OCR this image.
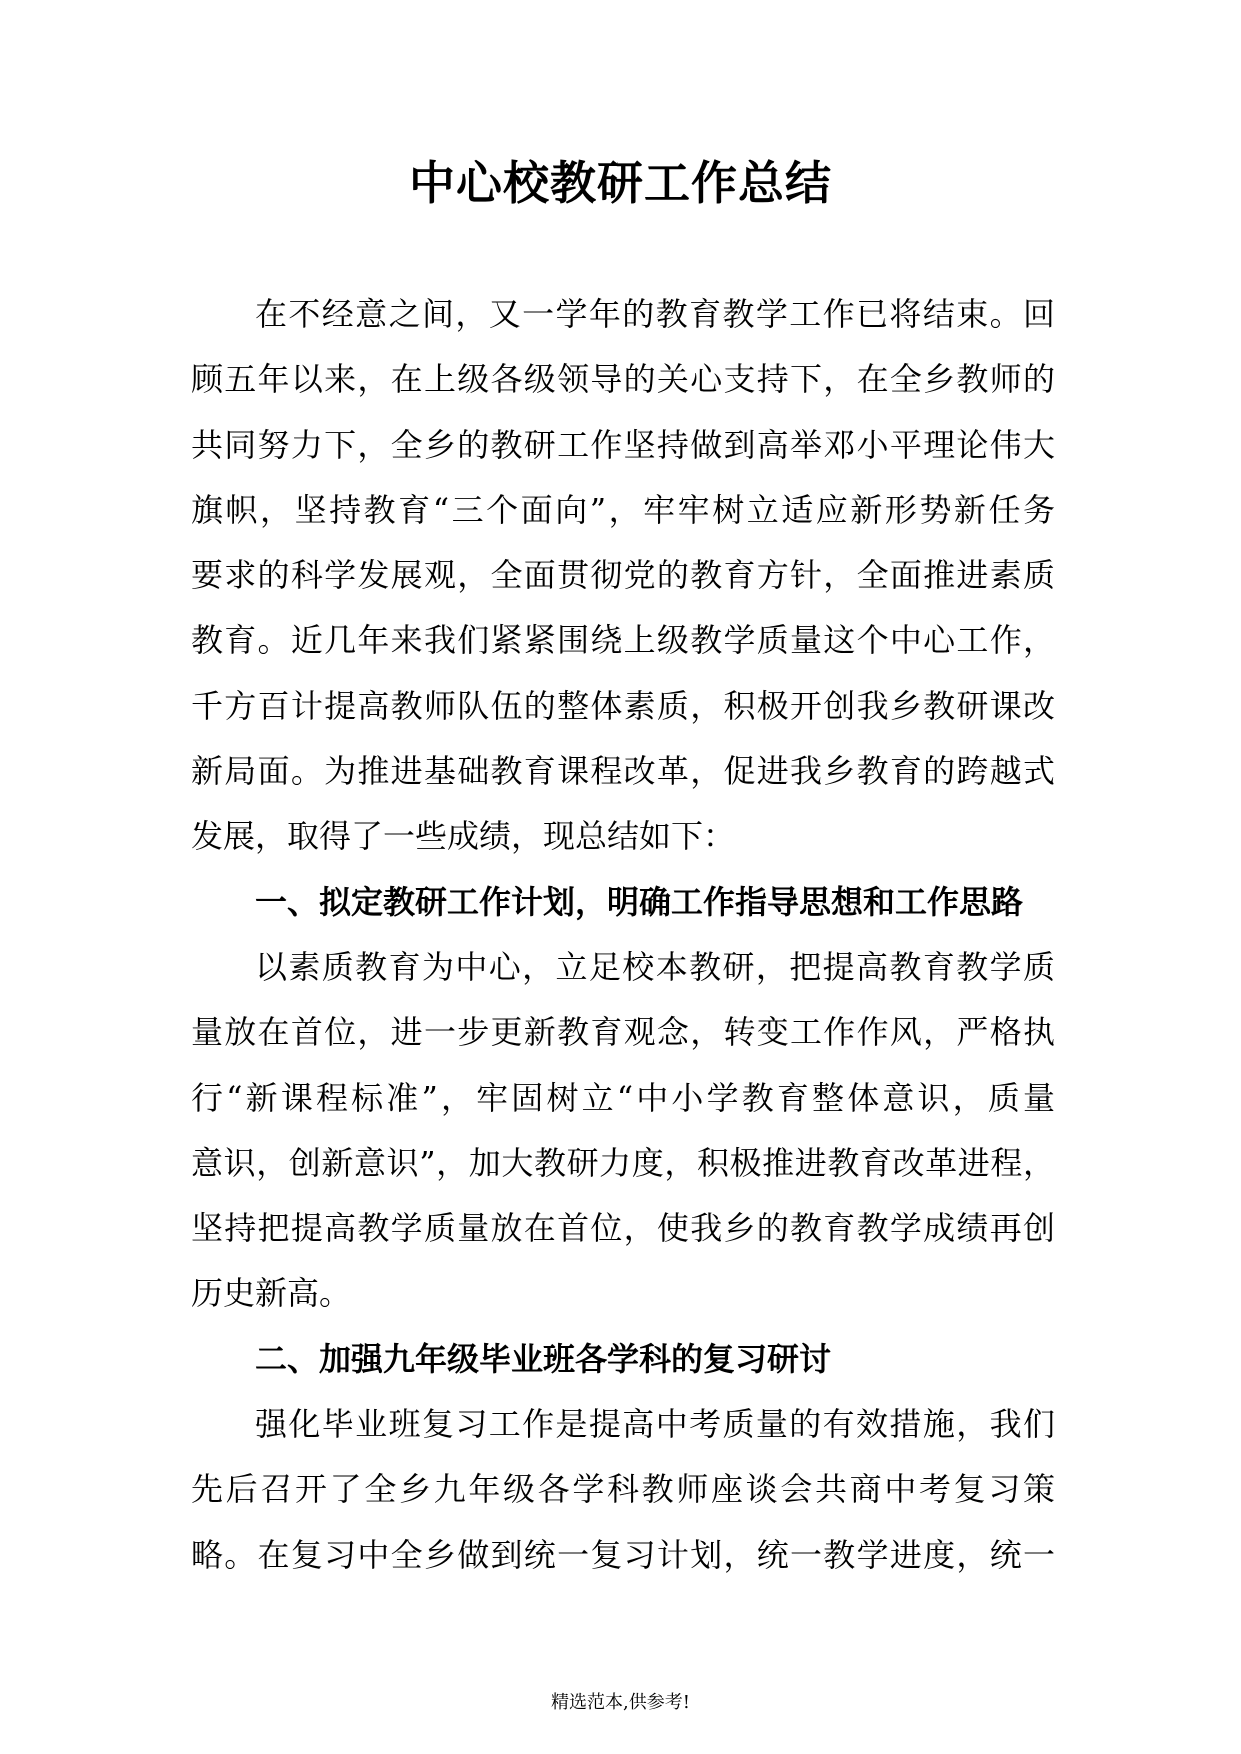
中心校教研工作总结
在不经意之间，又一学年的教育教学工作已将结束。回
顾五年以来，在上级各级领导的关心支持下，在全乡教师的
共同努力下，全乡的教研工作坚持做到高举邓小平理论伟大
旗帜，坚持教育“三个面向”，牢牢树立适应新形势新任务
要求的科学发展观，全面贯彻党的教育方针，全面推进素质
教育。近几年来我们紧紧围绕上级教学质量这个中心工作，
千方百计提高教师队伍的整体素质，积极开创我乡教研课改
新局面。为推进基础教育课程改革，促进我乡教育的跨越式
发展，取得了一些成绩，现总结如下：
一、拟定教研工作计划，明确工作指导思想和工作思路
以素质教育为中心，立足校本教研，把提高教育教学质
量放在首位，进一步更新教育观念，转变工作作风，严格执
行“新课程标准”，牢固树立“中小学教育整体意识，质量
意识，创新意识”，加大教研力度，积极推进教育改革进程，
坚持把提高教学质量放在首位，使我乡的教育教学成绩再创
历史新高。
二、加强九年级毕业班各学科的复习研讨
强化毕业班复习工作是提高中考质量的有效措施，我们
先后召开了全乡九年级各学科教师座谈会共商中考复习策
略。在复习中全乡做到统一复习计划，统一教学进度，统一
精选范本,供参考!
